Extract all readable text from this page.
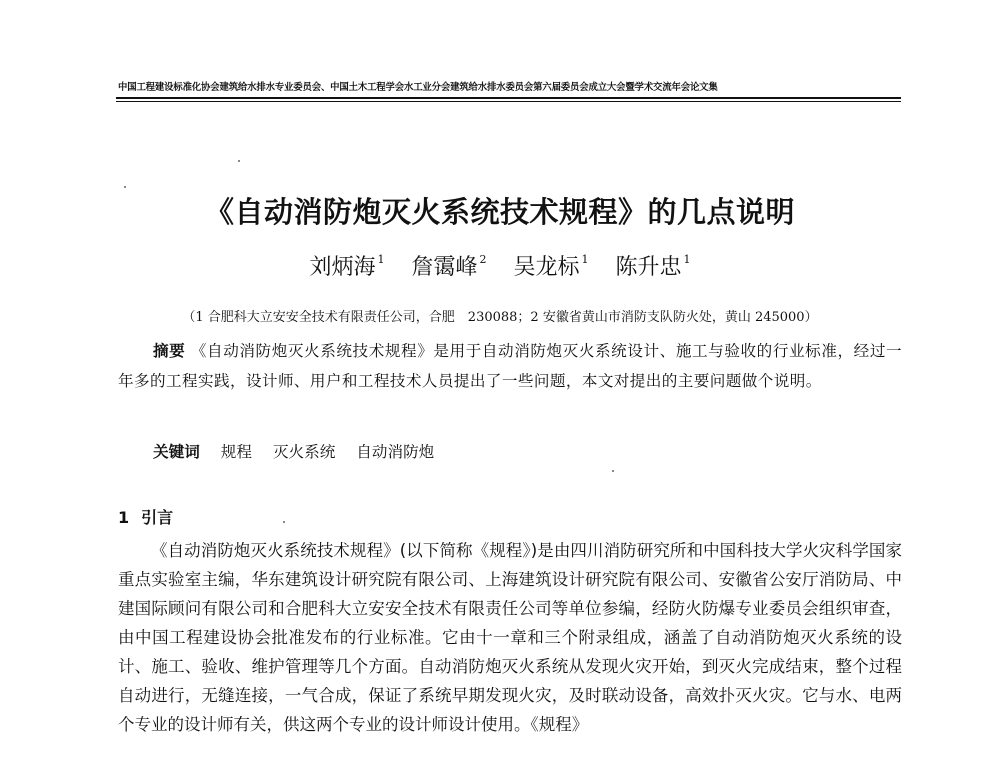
中国工程建设标准化协会建筑给水排水专业委员会、中国土木工程学会水工业分会建筑给水排水委员会第六届委员会成立大会暨学术交流年会论文集
《自动消防炮灭火系统技术规程》的几点说明
刘炳海 $^1$ 詹霭峰 $^2$ 吴龙标 $^1$ 陈升忠 $^1$
（1 合肥科大立安安全技术有限责任公司，合肥　230088；2 安徽省黄山市消防支队防火处，黄山 245000）
摘要 《自动消防炮灭火系统技术规程》是用于自动消防炮灭火系统设计、施工与验收的行业标准，经过一年多的工程实践，设计师、用户和工程技术人员提出了一些问题，本文对提出的主要问题做个说明。
关键词 规程 灭火系统 自动消防炮
1 引言
《自动消防炮灭火系统技术规程》(以下简称《规程》)是由四川消防研究所和中国科技大学火灾科学国家重点实验室主编，华东建筑设计研究院有限公司、上海建筑设计研究院有限公司、安徽省公安厅消防局、中建国际顾问有限公司和合肥科大立安安全技术有限责任公司等单位参编，经防火防爆专业委员会组织审查，由中国工程建设协会批准发布的行业标准。它由十一章和三个附录组成，涵盖了自动消防炮灭火系统的设计、施工、验收、维护管理等几个方面。自动消防炮灭火系统从发现火灾开始，到灭火完成结束，整个过程自动进行，无缝连接，一气合成，保证了系统早期发现火灾，及时联动设备，高效扑灭火灾。它与水、电两个专业的设计师有关，供这两个专业的设计师设计使用。《规程》
